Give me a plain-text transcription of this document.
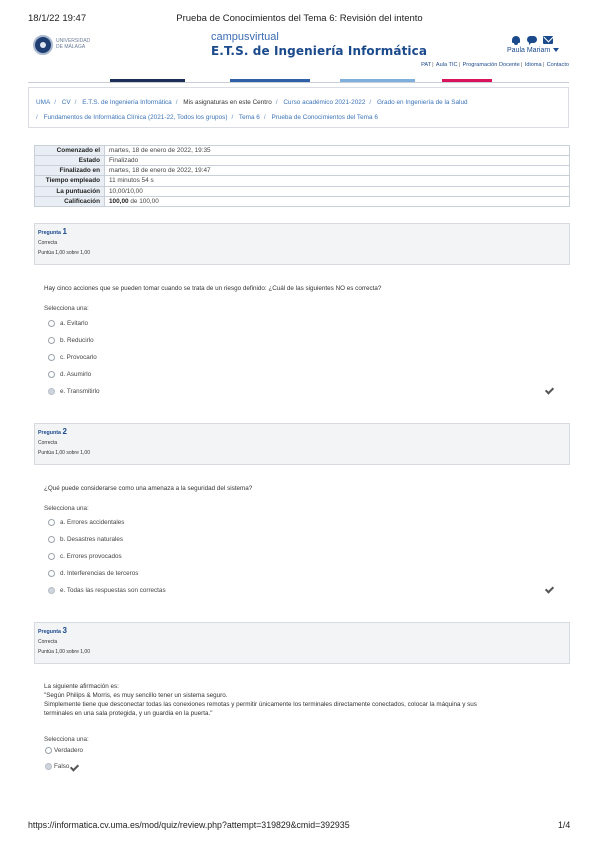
18/1/22 19:47	Prueba de Conocimientos del Tema 6: Revisión del intento
UNIVERSIDAD DE MÁLAGA
campusvirtual
E.T.S. de Ingeniería Informática	Paula Mariam
PAT| Aula TIC| Programación Docente| Idioma| Contacto
UMA / CV / E.T.S. de Ingeniería Informática / Mis asignaturas en este Centro / Curso académico 2021-2022 / Grado en Ingeniería de la Salud
/ Fundamentos de Informática Clínica (2021-22, Todos los grupos) / Tema 6 / Prueba de Conocimientos del Tema 6
Comenzado el	martes, 18 de enero de 2022, 19:35
Estado	Finalizado
Finalizado en	martes, 18 de enero de 2022, 19:47
Tiempo empleado	11 minutos 54 s
La puntuación	10,00/10,00
Calificación	100,00 de 100,00
Pregunta 1
Correcta
Puntúa 1,00 sobre 1,00
Hay cinco acciones que se pueden tomar cuando se trata de un riesgo definido: ¿Cuál de las siguientes NO es correcta?
Selecciona una:
a. Evitarlo
b. Reducirlo
c. Provocarlo
d. Asumirlo
e. Transmitirlo
Pregunta 2
Correcta
Puntúa 1,00 sobre 1,00
¿Qué puede considerarse como una amenaza a la seguridad del sistema?
Selecciona una:
a. Errores accidentales
b. Desastres naturales
c. Errores provocados
d. Interferencias de terceros
e. Todas las respuestas son correctas
Pregunta 3
Correcta
Puntúa 1,00 sobre 1,00
La siguiente afirmación es:
"Según Philips & Morris, es muy sencillo tener un sistema seguro.
Simplemente tiene que desconectar todas las conexiones remotas y permitir únicamente los terminales directamente conectados, colocar la máquina y sus
terminales en una sala protegida, y un guardia en la puerta."
Selecciona una:
Verdadero
Falso
https://informatica.cv.uma.es/mod/quiz/review.php?attempt=319829&cmid=392935	1/4
